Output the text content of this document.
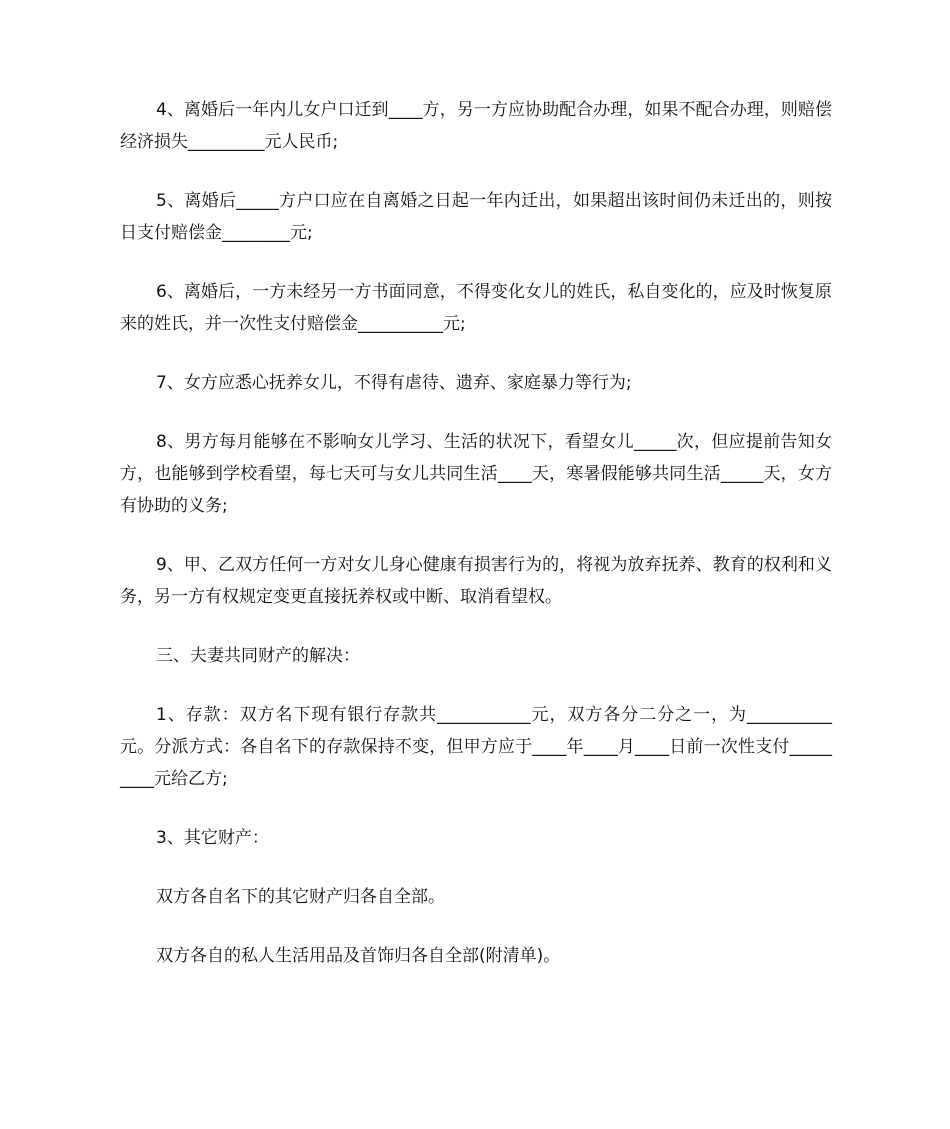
4、离婚后一年内儿女户口迁到____方，另一方应协助配合办理，如果不配合办理，则赔偿经济损失_________元人民币;

5、离婚后_____方户口应在自离婚之日起一年内迁出，如果超出该时间仍未迁出的，则按日支付赔偿金________元;

6、离婚后，一方未经另一方书面同意，不得变化女儿的姓氏，私自变化的，应及时恢复原来的姓氏，并一次性支付赔偿金__________元;

7、女方应悉心抚养女儿，不得有虐待、遗弃、家庭暴力等行为;

8、男方每月能够在不影响女儿学习、生活的状况下，看望女儿_____次，但应提前告知女方，也能够到学校看望，每七天可与女儿共同生活____天，寒暑假能够共同生活_____天，女方有协助的义务;

9、甲、乙双方任何一方对女儿身心健康有损害行为的，将视为放弃抚养、教育的权利和义务，另一方有权规定变更直接抚养权或中断、取消看望权。

三、夫妻共同财产的解决：

1、存款：双方名下现有银行存款共___________元，双方各分二分之一，为__________元。分派方式：各自名下的存款保持不变，但甲方应于____年____月____日前一次性支付_________元给乙方;

3、其它财产：

双方各自名下的其它财产归各自全部。

双方各自的私人生活用品及首饰归各自全部(附清单)。
